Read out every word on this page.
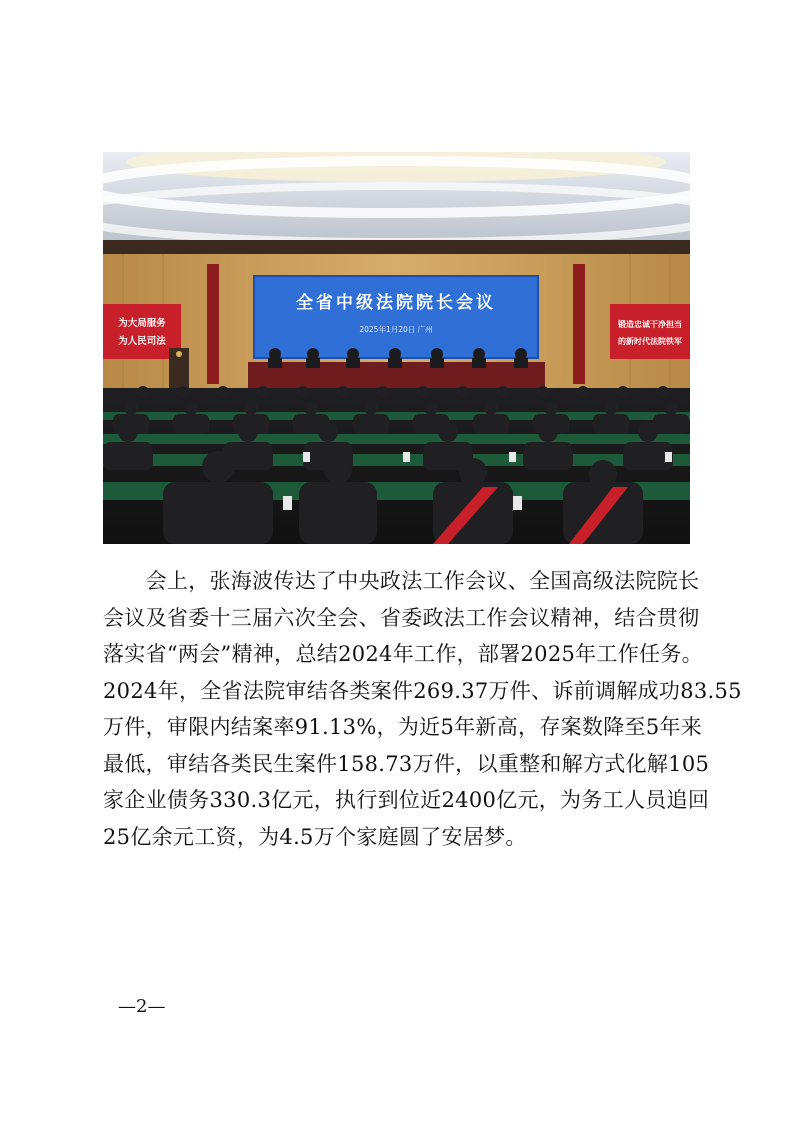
全省中级法院院长会议
2025年1月20日 广州
为大局服务
为人民司法
锻造忠诚干净担当
的新时代法院铁军

　　会上，张海波传达了中央政法工作会议、全国高级法院院长
会议及省委十三届六次全会、省委政法工作会议精神，结合贯彻
落实省“两会”精神，总结2024年工作，部署2025年工作任务。
2024年，全省法院审结各类案件269.37万件、诉前调解成功83.55
万件，审限内结案率91.13%，为近5年新高，存案数降至5年来
最低，审结各类民生案件158.73万件，以重整和解方式化解105
家企业债务330.3亿元，执行到位近2400亿元，为务工人员追回
25亿余元工资，为4.5万个家庭圆了安居梦。

—2—
